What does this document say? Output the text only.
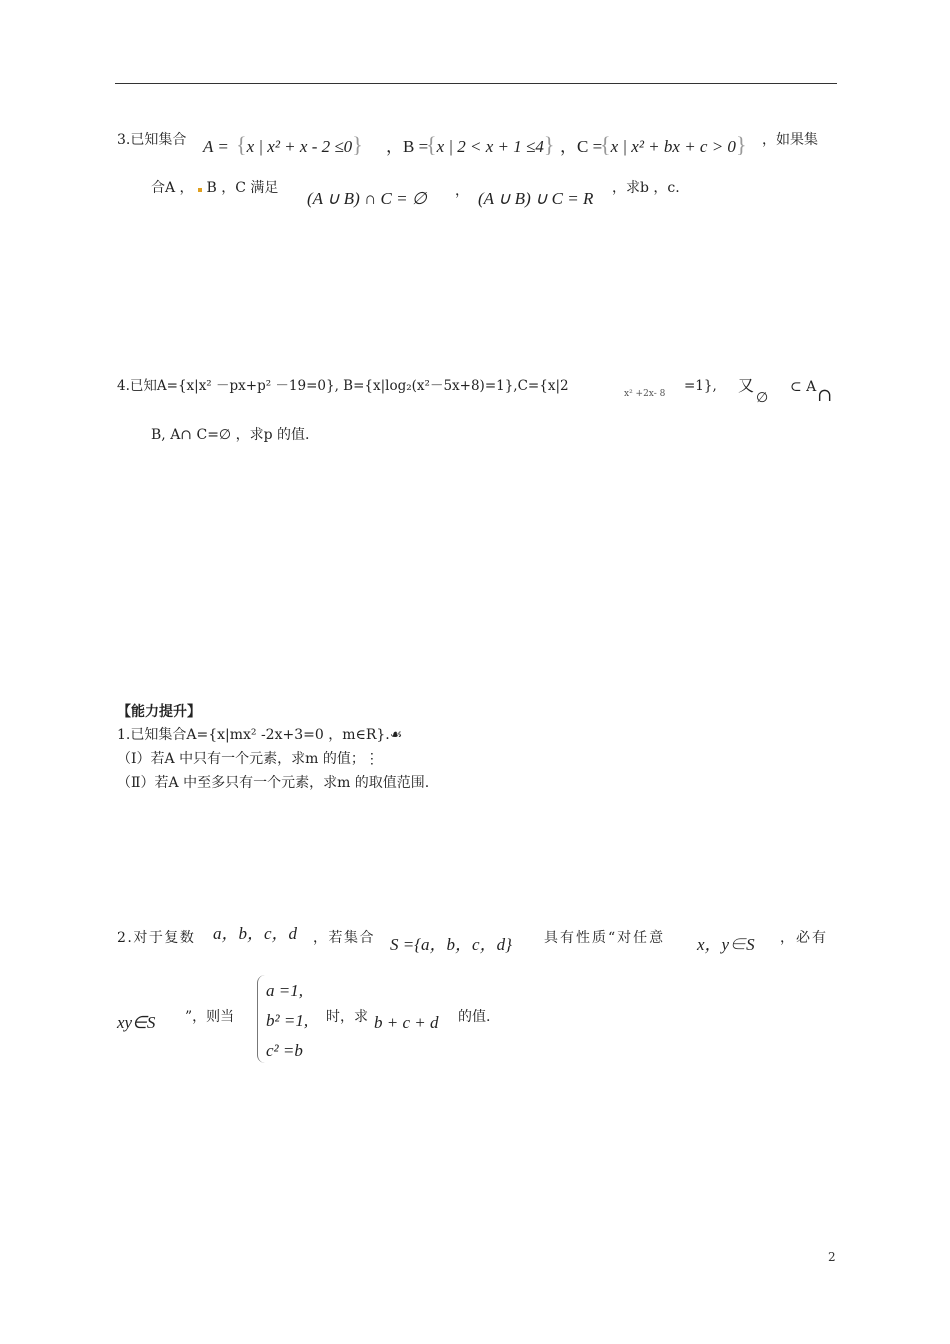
3.已知集合 A = {x | x² + x - 2 ≤0} ，B =
{x | 2 < x + 1 ≤4} ，C =
{x | x² + bx + c > 0} ，如果集
合A ，  B ，C 满足
(A ∪ B) ∩ C = ∅ ， (A ∪ B) ∪ C = R
，求b ，c.
4.已知A={x|x² －px+p² －19=0}, B={x|log₂(x²－5x+8)=1},C={x|2	x² +2x- 8 =1}, 又
∅
⊂ A ∩
B, A∩ C=∅ ，求p 的值.
【能力提升】
1.已知集合A={x|mx² -2x+3=0 ，m∈R}.☙
（Ⅰ）若A 中只有一个元素，求m 的值；⋮
（Ⅱ）若A 中至多只有一个元素，求m 的取值范围.
2.对于复数 a，b，c，d ，若集合 S ={a，b，c，d} 具有性质“对任意 x，y∈S ，必有
a =1,
xy∈S ”，则当 b² =1, 时，求 b + c + d 的值.
c² =b
2
